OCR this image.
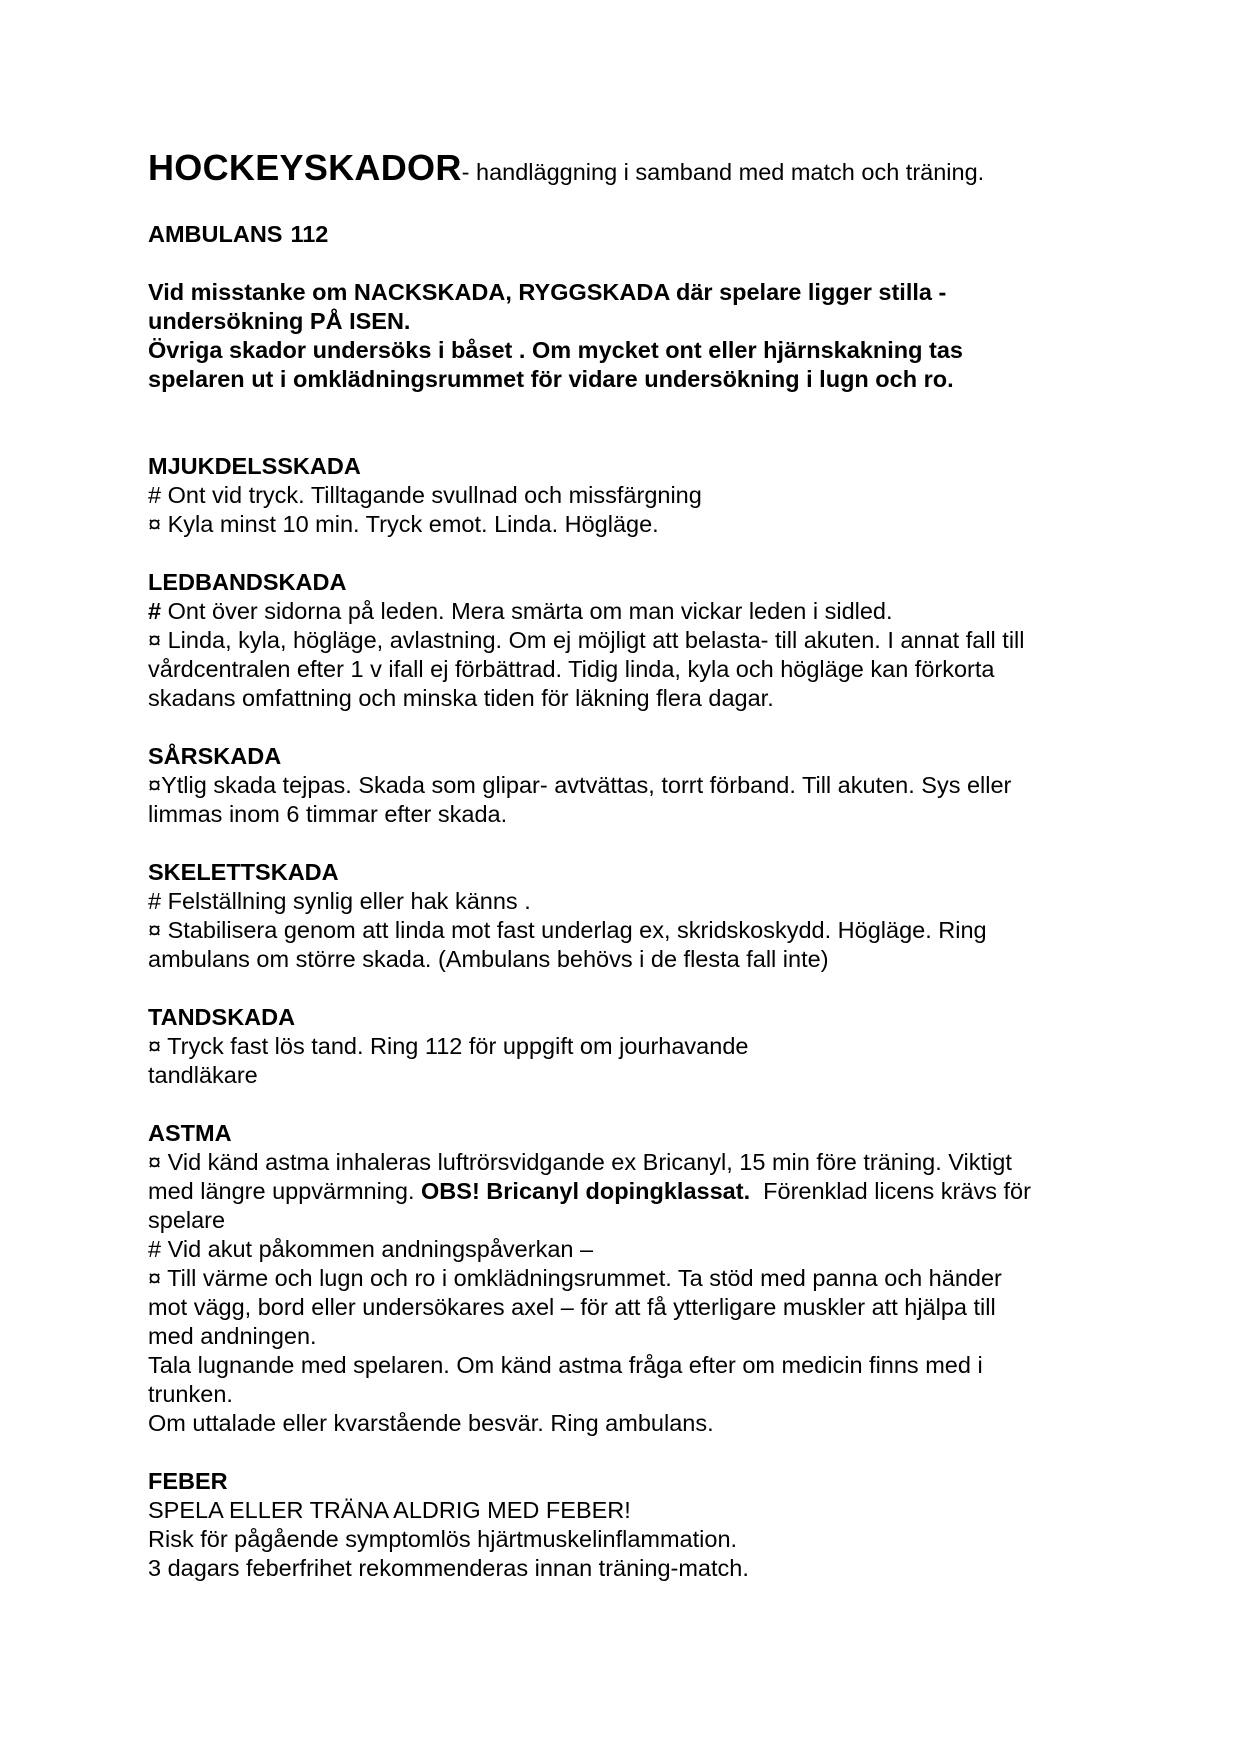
HOCKEYSKADOR- handläggning i samband med match och träning.
AMBULANS 112
Vid misstanke om NACKSKADA, RYGGSKADA där spelare ligger stilla -
undersökning PÅ ISEN.
Övriga skador undersöks i båset . Om mycket ont eller hjärnskakning tas
spelaren ut i omklädningsrummet för vidare undersökning i lugn och ro.
MJUKDELSSKADA
# Ont vid tryck. Tilltagande svullnad och missfärgning
¤ Kyla minst 10 min. Tryck emot. Linda. Högläge.
LEDBANDSKADA
# Ont över sidorna på leden. Mera smärta om man vickar leden i sidled.
¤ Linda, kyla, högläge, avlastning. Om ej möjligt att belasta- till akuten. I annat fall till
vårdcentralen efter 1 v ifall ej förbättrad. Tidig linda, kyla och högläge kan förkorta
skadans omfattning och minska tiden för läkning flera dagar.
SÅRSKADA
¤Ytlig skada tejpas. Skada som glipar- avtvättas, torrt förband. Till akuten. Sys eller
limmas inom 6 timmar efter skada.
SKELETTSKADA
# Felställning synlig eller hak känns .
¤ Stabilisera genom att linda mot fast underlag ex, skridskoskydd. Högläge. Ring
ambulans om större skada. (Ambulans behövs i de flesta fall inte)
TANDSKADA
¤ Tryck fast lös tand. Ring 112 för uppgift om jourhavande
tandläkare
ASTMA
¤ Vid känd astma inhaleras luftrörsvidgande ex Bricanyl, 15 min före träning. Viktigt
med längre uppvärmning. OBS! Bricanyl dopingklassat.  Förenklad licens krävs för
spelare
# Vid akut påkommen andningspåverkan –
¤ Till värme och lugn och ro i omklädningsrummet. Ta stöd med panna och händer
mot vägg, bord eller undersökares axel – för att få ytterligare muskler att hjälpa till
med andningen.
Tala lugnande med spelaren. Om känd astma fråga efter om medicin finns med i
trunken.
Om uttalade eller kvarstående besvär. Ring ambulans.
FEBER
SPELA ELLER TRÄNA ALDRIG MED FEBER!
Risk för pågående symptomlös hjärtmuskelinflammation.
3 dagars feberfrihet rekommenderas innan träning-match.
